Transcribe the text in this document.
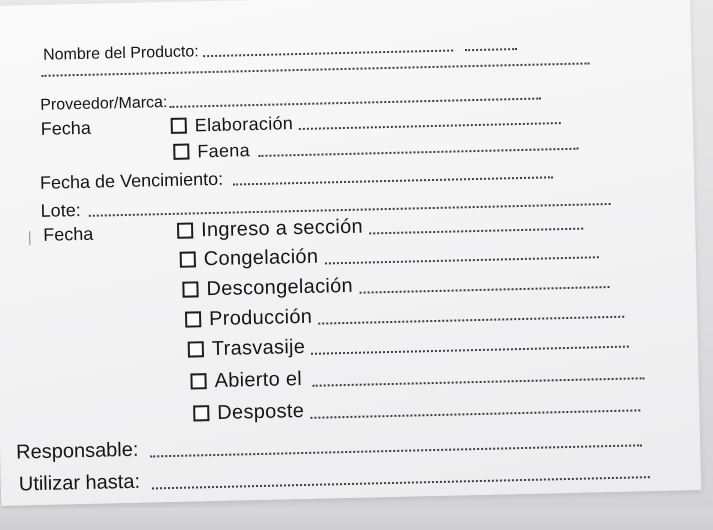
Nombre del Producto:
Proveedor/Marca:
Fecha	Elaboración
Faena
Fecha de Vencimiento:
Lote:
Fecha	Ingreso a sección
Congelación
Descongelación
Producción
Trasvasije
Abierto el
Desposte
Responsable:
Utilizar hasta:
